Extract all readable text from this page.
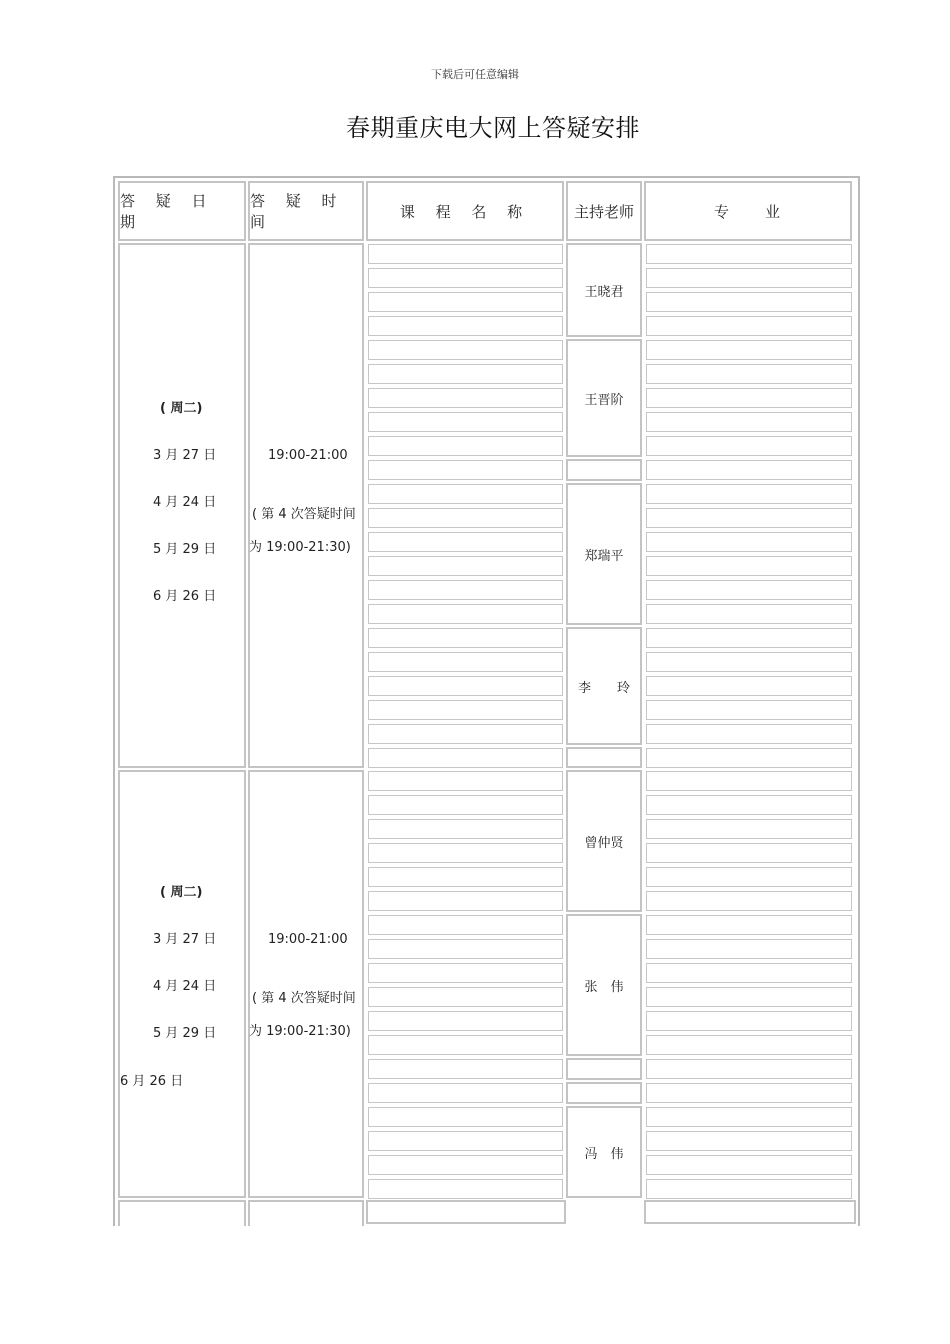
下载后可任意编辑
春期重庆电大网上答疑安排
答 疑 日 期
答 疑 时 间
课 程 名 称	主持老师	专　　业
王晓君
王晋阶
郑瑞平
李　　玲
曾仲贤
张　伟
冯　伟
( 周二)
3 月 27 日
4 月 24 日
5 月 29 日
6 月 26 日
19:00-21:00
( 第 4 次答疑时间
为 19:00-21:30)
( 周二)
3 月 27 日
4 月 24 日
5 月 29 日
6 月 26 日
19:00-21:00
( 第 4 次答疑时间
为 19:00-21:30)
